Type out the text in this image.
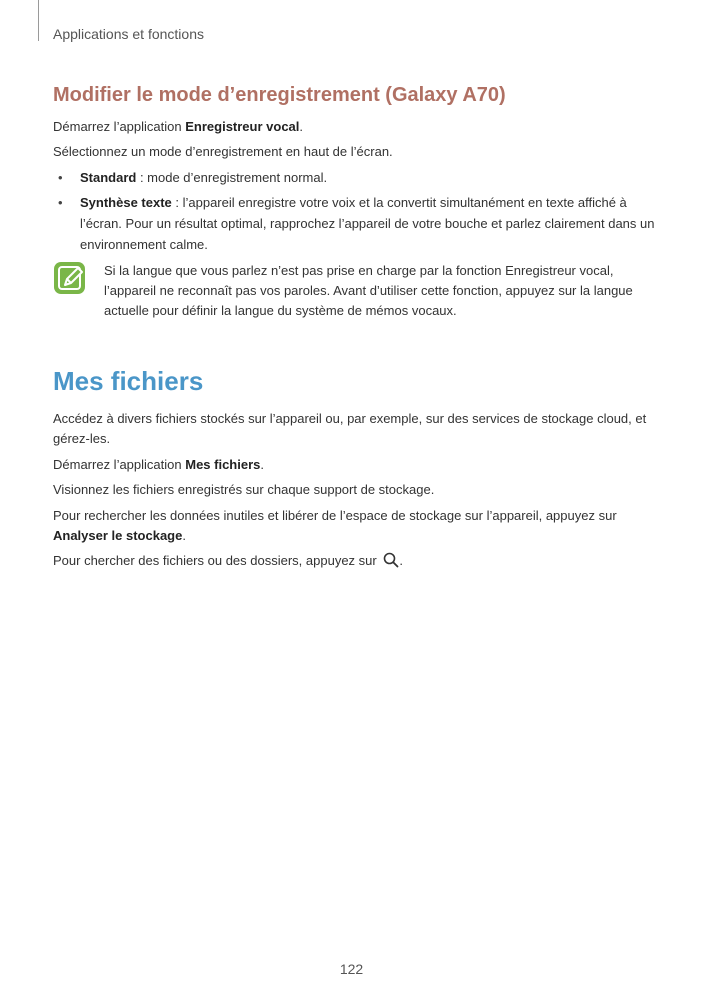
Applications et fonctions
Modifier le mode d’enregistrement (Galaxy A70)

Démarrez l’application Enregistreur vocal.

Sélectionnez un mode d’enregistrement en haut de l’écran.

• Standard : mode d’enregistrement normal.

• Synthèse texte : l’appareil enregistre votre voix et la convertit simultanément en texte affiché à l’écran. Pour un résultat optimal, rapprochez l’appareil de votre bouche et parlez clairement dans un environnement calme.

Si la langue que vous parlez n’est pas prise en charge par la fonction Enregistreur vocal, l’appareil ne reconnaît pas vos paroles. Avant d’utiliser cette fonction, appuyez sur la langue actuelle pour définir la langue du système de mémos vocaux.

Mes fichiers

Accédez à divers fichiers stockés sur l’appareil ou, par exemple, sur des services de stockage cloud, et gérez-les.

Démarrez l’application Mes fichiers.

Visionnez les fichiers enregistrés sur chaque support de stockage.

Pour rechercher les données inutiles et libérer de l’espace de stockage sur l’appareil, appuyez sur Analyser le stockage.

Pour chercher des fichiers ou des dossiers, appuyez sur .

122
